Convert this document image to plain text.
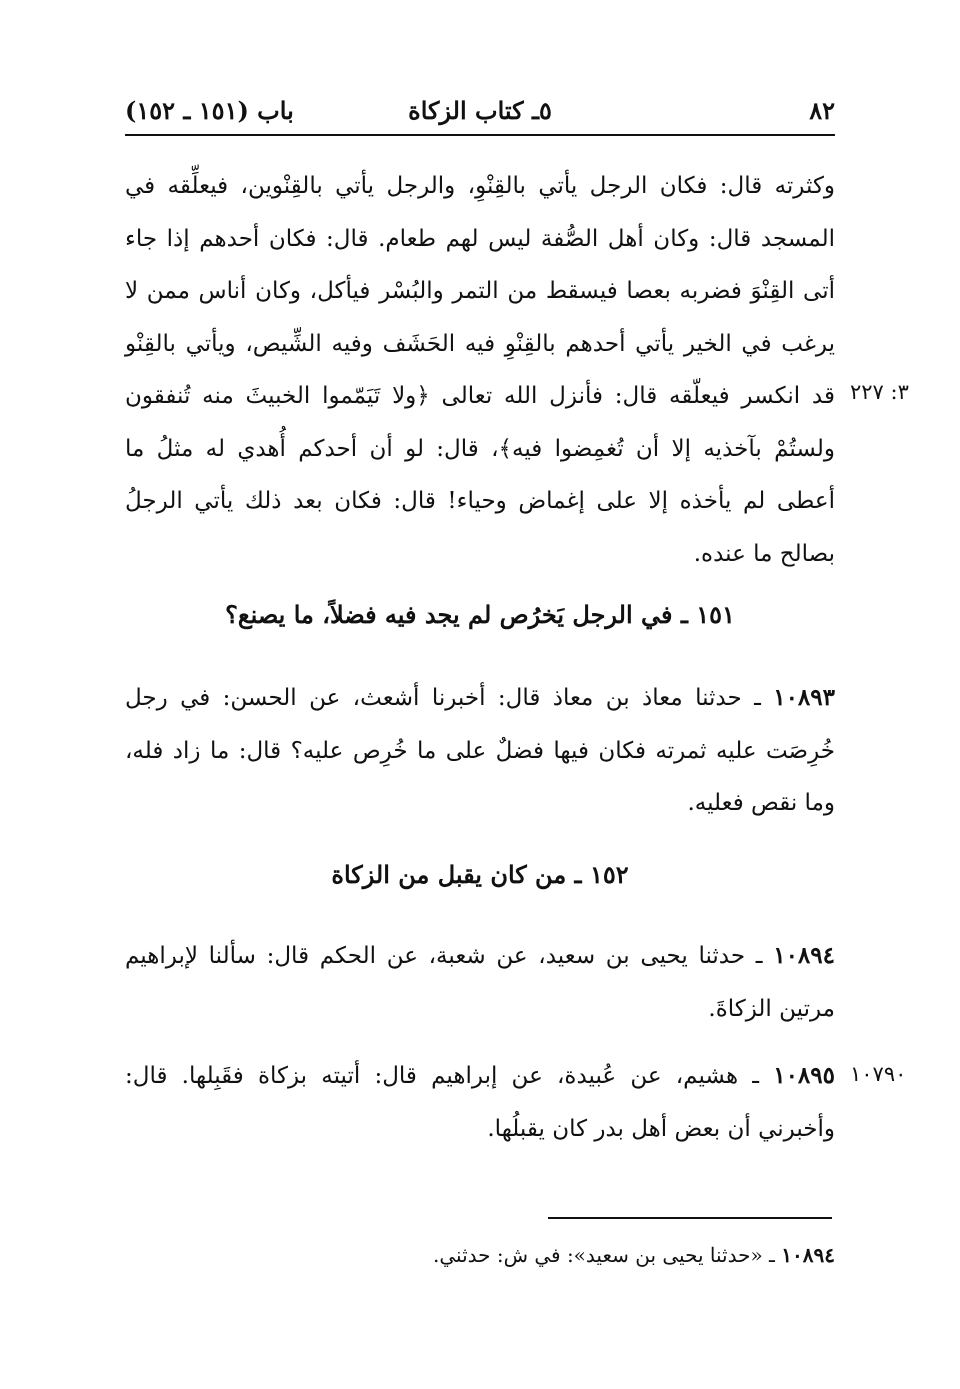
٨٢
٥ـ كتاب الزكاة
باب (١٥١ ـ ١٥٢)
٣: ٢٢٧
١٠٧٩٠
وكثرته قال: فكان الرجل يأتي بالقِنْوِ، والرجل يأتي بالقِنْوين، فيعلِّقه في المسجد قال: وكان أهل الصُّفة ليس لهم طعام. قال: فكان أحدهم إذا جاء أتى القِنْوَ فضربه بعصا فيسقط من التمر والبُسْر فيأكل، وكان أناس ممن لا يرغب في الخير يأتي أحدهم بالقِنْوِ فيه الحَشَف وفيه الشِّيص، ويأتي بالقِنْو قد انكسر فيعلّقه قال: فأنزل الله تعالى ﴿ولا تَيَمّموا الخبيثَ منه تُنفقون ولستُمْ بآخذيه إلا أن تُغمِضوا فيه﴾، قال: لو أن أحدكم أُهدي له مثلُ ما أعطى لم يأخذه إلا على إغماض وحياء! قال: فكان بعد ذلك يأتي الرجلُ بصالح ما عنده.
١٥١ ـ في الرجل يَخرُص لم يجد فيه فضلاً، ما يصنع؟
١٠٨٩٣ ـ حدثنا معاذ بن معاذ قال: أخبرنا أشعث، عن الحسن: في رجل خُرِصَت عليه ثمرته فكان فيها فضلٌ على ما خُرِص عليه؟ قال: ما زاد فله، وما نقص فعليه.
١٥٢ ـ من كان يقبل من الزكاة
١٠٨٩٤ ـ حدثنا يحيى بن سعيد، عن شعبة، عن الحكم قال: سألنا لإبراهيم مرتين الزكاةَ.
١٠٨٩٥ ـ هشيم، عن عُبيدة، عن إبراهيم قال: أتيته بزكاة فقَبِلها. قال: وأخبرني أن بعض أهل بدر كان يقبلُها.
١٠٨٩٤ ـ «حدثنا يحيى بن سعيد»: في ش: حدثني.
